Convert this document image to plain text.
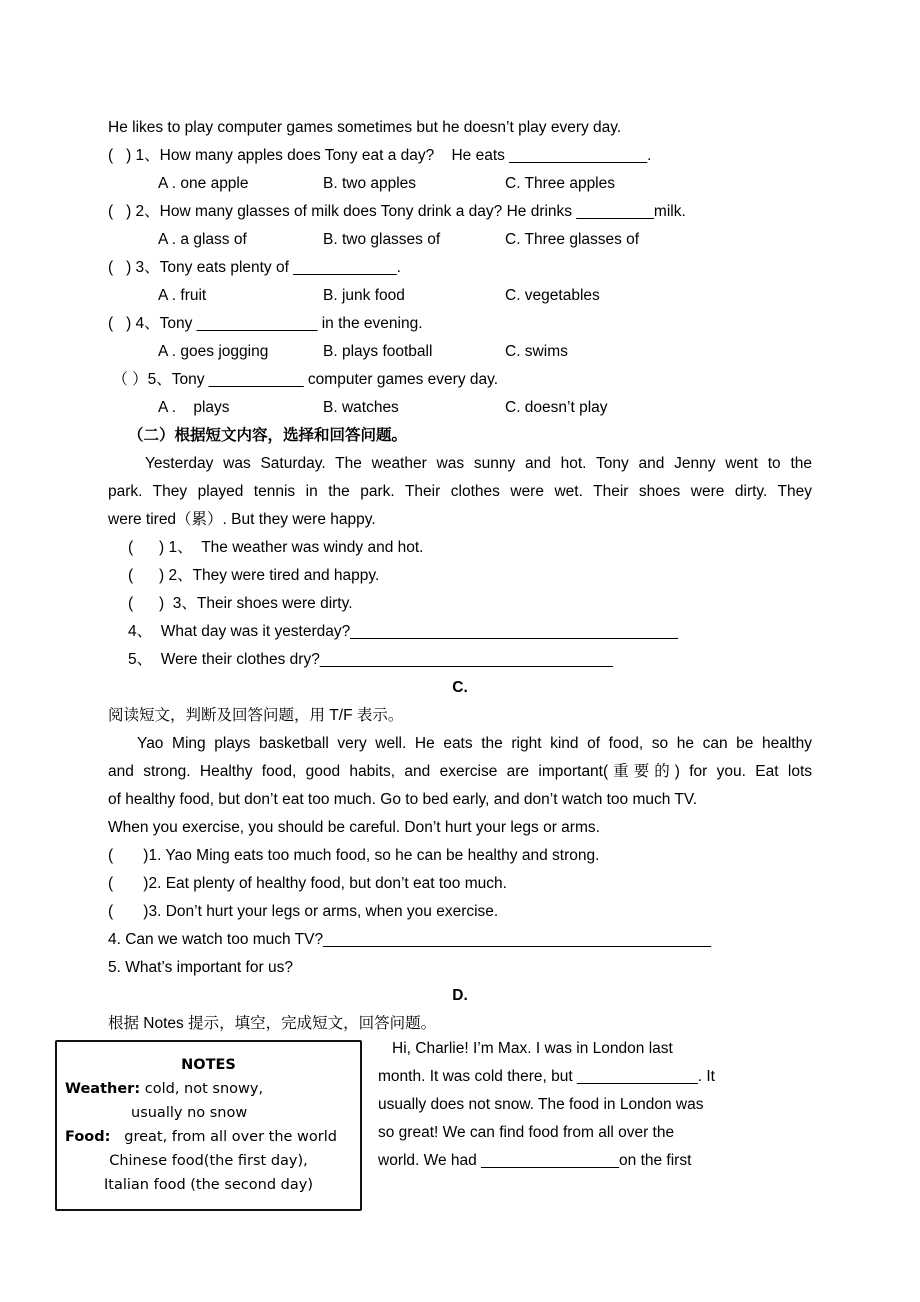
He likes to play computer games sometimes but he doesn’t play every day.
(   ) 1、How many apples does Tony eat a day?    He eats ________________.
A . one apple	B. two apples	C. Three apples
(   ) 2、How many glasses of milk does Tony drink a day? He drinks _________milk.
A . a glass of	B. two glasses of	C. Three glasses of
(   ) 3、Tony eats plenty of ____________.
A . fruit	B. junk food	C. vegetables
(   ) 4、Tony ______________ in the evening.
A . goes jogging	B. plays football	C. swims
（ ）5、Tony ___________ computer games every day.
A .    plays	B. watches	C. doesn’t play
（二）根据短文内容，选择和回答问题。
Yesterday was Saturday. The weather was sunny and hot. Tony and Jenny went to the
park. They played tennis in the park. Their clothes were wet. Their shoes were dirty. They
were tired（累）. But they were happy.
(      ) 1、  The weather was windy and hot.
(      ) 2、They were tired and happy.
(      )  3、Their shoes were dirty.
4、  What day was it yesterday?______________________________________
5、  Were their clothes dry?__________________________________
C.
阅读短文，判断及回答问题，用 T/F 表示。
Yao Ming plays basketball very well. He eats the right kind of food, so he can be healthy
and strong. Healthy food, good habits, and exercise are important(重要的) for you. Eat lots
of healthy food, but don’t eat too much. Go to bed early, and don’t watch too much TV.
When you exercise, you should be careful. Don’t hurt your legs or arms.
(       )1. Yao Ming eats too much food, so he can be healthy and strong.
(       )2. Eat plenty of healthy food, but don’t eat too much.
(       )3. Don’t hurt your legs or arms, when you exercise.
4. Can we watch too much TV?_____________________________________________
5. What’s important for us?
D.
根据 Notes 提示，填空，完成短文，回答问题。
NOTES
Weather: cold, not snowy,
usually no snow
Food:   great, from all over the world
Chinese food(the first day),
Italian food (the second day)
Hi, Charlie! I’m Max. I was in London last
month. It was cold there, but ______________. It
usually does not snow. The food in London was
so great! We can find food from all over the
world. We had ________________on the first
